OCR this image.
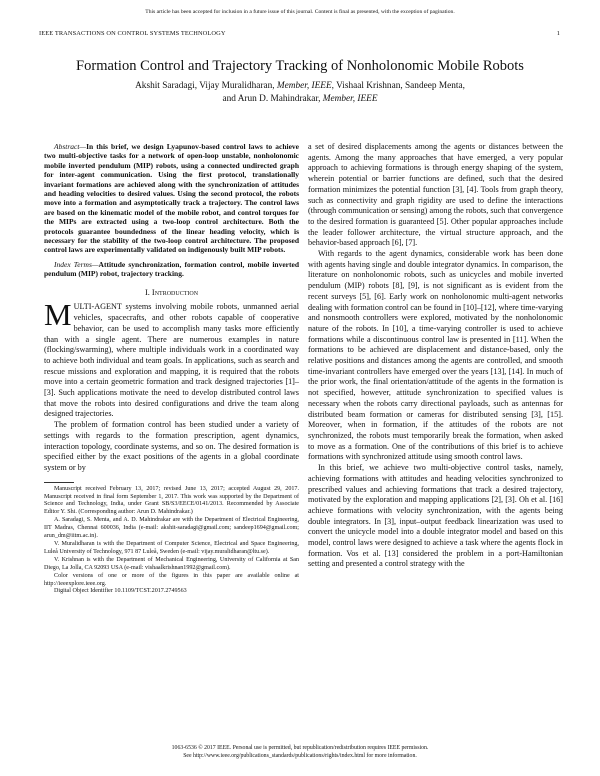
This article has been accepted for inclusion in a future issue of this journal. Content is final as presented, with the exception of pagination.
IEEE TRANSACTIONS ON CONTROL SYSTEMS TECHNOLOGY	1
Formation Control and Trajectory Tracking of Nonholonomic Mobile Robots
Akshit Saradagi, Vijay Muralidharan, Member, IEEE, Vishaal Krishnan, Sandeep Menta,
and Arun D. Mahindrakar, Member, IEEE

Abstract—In this brief, we design Lyapunov-based control laws to achieve two multi-objective tasks for a network of open-loop unstable, nonholonomic mobile inverted pendulum (MIP) robots, using a connected undirected graph for inter-agent communication. Using the first protocol, translationally invariant formations are achieved along with the synchronization of attitudes and heading velocities to desired values. Using the second protocol, the robots move into a formation and asymptotically track a trajectory. The control laws are based on the kinematic model of the mobile robot, and control torques for the MIPs are extracted using a two-loop control architecture. Both the protocols guarantee boundedness of the linear heading velocity, which is necessary for the stability of the two-loop control architecture. The proposed control laws are experimentally validated on indigenously built MIP robots.

Index Terms—Attitude synchronization, formation control, mobile inverted pendulum (MIP) robot, trajectory tracking.

I. Introduction

MULTI-AGENT systems involving mobile robots, unmanned aerial vehicles, spacecrafts, and other robots capable of cooperative behavior, can be used to accomplish many tasks more efficiently than with a single agent. There are numerous examples in nature (flocking/swarming), where multiple individuals work in a coordinated way to achieve both individual and team goals. In applications, such as search and rescue missions and exploration and mapping, it is required that the robots move into a certain geometric formation and track designed trajectories [1]–[3]. Such applications motivate the need to develop distributed control laws that move the robots into desired configurations and drive the team along designed trajectories.

The problem of formation control has been studied under a variety of settings with regards to the formation prescription, agent dynamics, interaction topology, coordinate systems, and so on. The desired formation is specified either by the exact positions of the agents in a global coordinate system or by

Manuscript received February 13, 2017; revised June 13, 2017; accepted August 29, 2017. Manuscript received in final form September 1, 2017. This work was supported by the Department of Science and Technology, India, under Grant SB/S3/EECE/0141/2013. Recommended by Associate Editor Y. Shi. (Corresponding author: Arun D. Mahindrakar.)

A. Saradagi, S. Menta, and A. D. Mahindrakar are with the Department of Electrical Engineering, IIT Madras, Chennai 600036, India (e-mail: akshit-saradagi@gmail.com; sandeep1694@gmail.com; arun_dm@iitm.ac.in).

V. Muralidharan is with the Department of Computer Science, Electrical and Space Engineering, Luleå University of Technology, 971 87 Luleå, Sweden (e-mail: vijay.muralidharan@ltu.se).

V. Krishnan is with the Department of Mechanical Engineering, University of California at San Diego, La Jolla, CA 92093 USA (e-mail: vishaalkrishnan1992@gmail.com).

Color versions of one or more of the figures in this paper are available online at http://ieeexplore.ieee.org.

Digital Object Identifier 10.1109/TCST.2017.2749563

a set of desired displacements among the agents or distances between the agents. Among the many approaches that have emerged, a very popular approach to achieving formations is through energy shaping of the system, wherein potential or barrier functions are defined, such that the desired formation minimizes the potential function [3], [4]. Tools from graph theory, such as connectivity and graph rigidity are used to define the interactions (through communication or sensing) among the robots, such that convergence to the desired formation is guaranteed [5]. Other popular approaches include the leader follower architecture, the virtual structure approach, and the behavior-based approach [6], [7].

With regards to the agent dynamics, considerable work has been done with agents having single and double integrator dynamics. In comparison, the literature on nonholonomic robots, such as unicycles and mobile inverted pendulum (MIP) robots [8], [9], is not significant as is evident from the recent surveys [5], [6]. Early work on nonholonomic multi-agent networks dealing with formation control can be found in [10]–[12], where time-varying and nonsmooth controllers were explored, motivated by the nonholonomic nature of the robots. In [10], a time-varying controller is used to achieve formations while a discontinuous control law is presented in [11]. When the formations to be achieved are displacement and distance-based, only the relative positions and distances among the agents are controlled, and smooth time-invariant controllers have emerged over the years [13], [14]. In much of the prior work, the final orientation/attitude of the agents in the formation is not specified, however, attitude synchronization to specified values is necessary when the robots carry directional payloads, such as antennas for distributed beam formation or cameras for distributed sensing [3], [15]. Moreover, when in formation, if the attitudes of the robots are not synchronized, the robots must temporarily break the formation, when asked to move as a formation. One of the contributions of this brief is to achieve formations with synchronized attitude using smooth control laws.

In this brief, we achieve two multi-objective control tasks, namely, achieving formations with attitudes and heading velocities synchronized to prescribed values and achieving formations that track a desired trajectory, motivated by the exploration and mapping applications [2], [3]. Oh et al. [16] achieve formations with velocity synchronization, with the agents being double integrators. In [3], input–output feedback linearization was used to convert the unicycle model into a double integrator model and based on this model, control laws were designed to achieve a task where the agents flock in formation. Vos et al. [13] considered the problem in a port-Hamiltonian setting and presented a control strategy with the

1063-6536 © 2017 IEEE. Personal use is permitted, but republication/redistribution requires IEEE permission.
See http://www.ieee.org/publications_standards/publications/rights/index.html for more information.
